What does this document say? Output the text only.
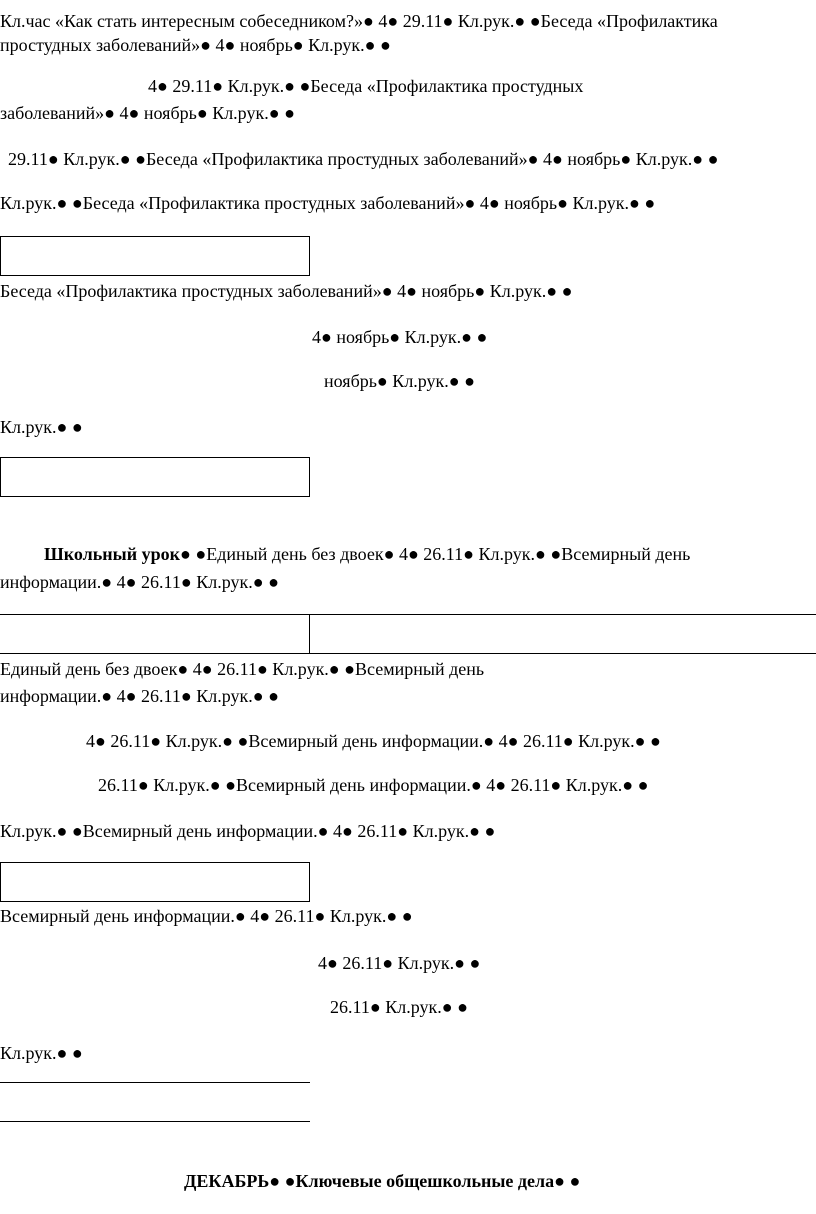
Кл.час «Как стать интересным собеседником?»● 4● 29.11● Кл.рук.● ●Беседа «Профилактика
простудных заболеваний»● 4● ноябрь● Кл.рук.● ●
4● 29.11● Кл.рук.● ●Беседа «Профилактика простудных
заболеваний»● 4● ноябрь● Кл.рук.● ●
29.11● Кл.рук.● ●Беседа «Профилактика простудных заболеваний»● 4● ноябрь● Кл.рук.● ●
Кл.рук.● ●Беседа «Профилактика простудных заболеваний»● 4● ноябрь● Кл.рук.● ●
Беседа «Профилактика простудных заболеваний»● 4● ноябрь● Кл.рук.● ●
4● ноябрь● Кл.рук.● ●
ноябрь● Кл.рук.● ●
Кл.рук.● ●
Школьный урок● ●Единый день без двоек● 4● 26.11● Кл.рук.● ●Всемирный день
информации.● 4● 26.11● Кл.рук.● ●
Единый день без двоек● 4● 26.11● Кл.рук.● ●Всемирный день
информации.● 4● 26.11● Кл.рук.● ●
4● 26.11● Кл.рук.● ●Всемирный день информации.● 4● 26.11● Кл.рук.● ●
26.11● Кл.рук.● ●Всемирный день информации.● 4● 26.11● Кл.рук.● ●
Кл.рук.● ●Всемирный день информации.● 4● 26.11● Кл.рук.● ●
Всемирный день информации.● 4● 26.11● Кл.рук.● ●
4● 26.11● Кл.рук.● ●
26.11● Кл.рук.● ●
Кл.рук.● ●
ДЕКАБРЬ● ●Ключевые общешкольные дела● ●
